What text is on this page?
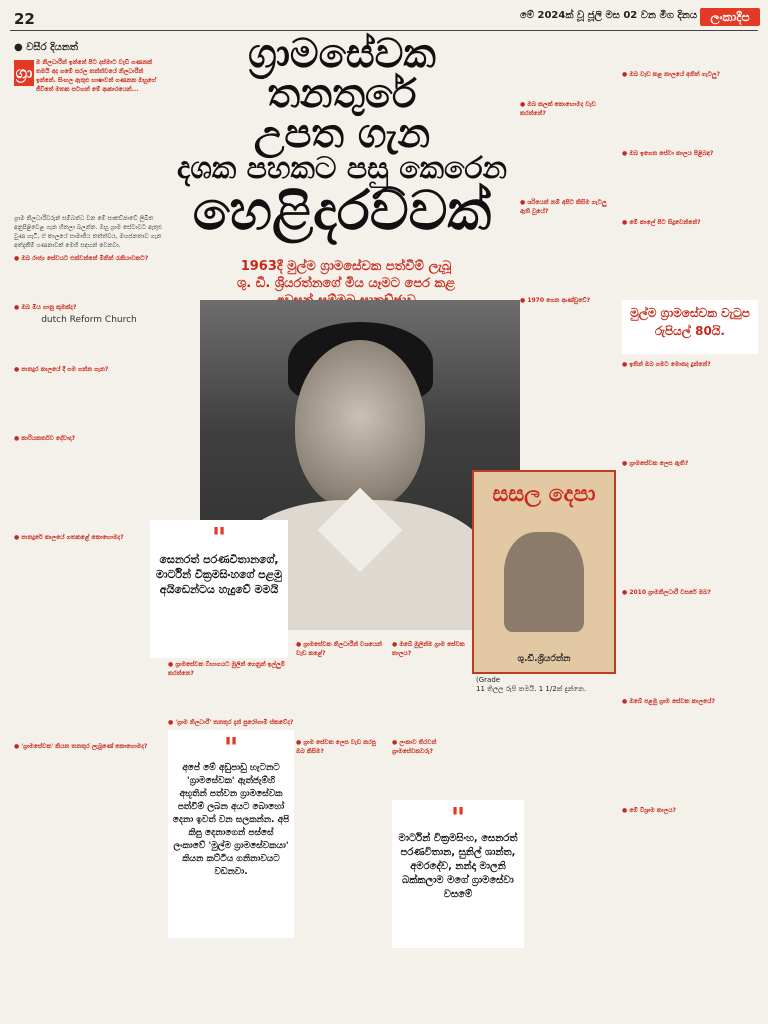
22
● වසීර දියනත්
මේ 2024ක් වූ ජූලි මස 02 වන මීග දිනය	ලංකාදීප
ග්‍රා
ම නිලධාරීන් ඉන්නේ පිට දස්මාට වැඩි ගණනක් තමයි අද ගමේ සරල තත්ත්වයේ නිලධාරීන් ඉන්නේ. සිංහල ඇතුළු භාෂාවන් ගණනක ඔහුගේ ජීවිතේ මතක සටහන් මේ ආකාරයෙන්...
ග්‍රාමසේවක තනතුරේ
උපත ගැන
දශක පහකට පසු කෙරෙන
හෙළිදරව්වක්
1963දී මුල්ම ග්‍රාමසේවක පත්වීම් ලැබූ
ශු. ඩී. ශ්‍රියරත්නගේ මිය යෑමට පෙර කළ

ග්‍රාම නිලධාරීවරුන් සම්බන්ධ වන මේ සාකච්ඡාවේ ලිඛිත අනුපිළිවෙළ ගැන හිතලා බලන්න. ඔහු ග්‍රාම සේවාවට ඇතුළු වුණ හැටි, ඒ කාලයේ සාමාජීය තත්ත්වය, මහජනතාව ගැන අත්දැකීම් ගණනාවක් මෙහි සඳහන් වෙනවා.

● ඔබ රාජ්‍ය සේවයට එක්වන්නේ මිනින් රැකියාවකට?

● ඔබ මිය ගානු කුමක්ද?

dutch Reform Church

● පානදුර කාලයේ දී ගම ගන්න ගැන?

● කාරියකර්තව දේවාදා?

● පානදුරේ කාලයේ ගතකළේ කොහොමද?

● 'ග්‍රාමසේවක' කියන තනතුර ලැබුණේ කොහොමද?

"
සෙනරත් පරණවිතානගේ, මාර්ටින් වික්‍රමසිංහගේ පළමු අයිඩෙන්ටය හැදුවේ මමයි
සසල දෙපා
ශු.ඩී.ශ්‍රියරත්න
(Grade
11 තිලල රුපි තමයි. 1 1/2ක් දුන්නෙ.

● ග්‍රාමසේවක විභාගයට මුලින් ගෙනුන් ඉල්ලුම් කරන්නෙ?

● 'ග්‍රාම නිලධාරී' තනතුර දැන් පුරෝගාමී ස්කවේද?

"
අපේ මේ අඩුපාඩු හැටනට 'ග්‍රාමසේවක' ඇත්ජැම්හි අභූතින් පත්වන ග්‍රාමසේවක පත්වීම් ලබන අයට බොහෝ දෙනා ඉවත් වන සලකන්න. අපි කිපු දෙනාගෙන් පස්සේ ලංකාවේ 'මුල්ම ග්‍රාමසේවකයා' කියන කට්ටිය ගනිනාවයට වඩනවා.

● ග්‍රාමසේවක නිලධාරීන් වශයෙන් වැඩ කළේ?

● ග්‍රාම සේවක ලෙස වැඩ කරපු ඔබ කිසිම?

● ඔබේ මුලින්ම ග්‍රාම සේවක කාලය?

● ලංකාව තිරවන් ග්‍රාමසේවකවරු?

"
මාර්ටින් වික්‍රමසිංහ, සෙනරත් පරණවිතාන, සුනිල් ශාන්ත, අමරදේව, නන්දා මාලනි බක්කලාම මගේ ග්‍රාමසේවා වසමේ

● ඔබ කලක් කොහොමද වැඩ කරන්නේ?

● ශරියෙන් නම් අපිට කිසිම ගැටලු ඇති වූයේ?

● 1970 ගෙන ආණ්ඩුවේ?

● ඔබ වැඩ කළ කාලයේ අනිත් ගැටලු?

● ඔබ ඉගෙන සේවා කාලය පිළිබඳ?

● මේ කාලේ පිට සිදුවෙන්නේ?

මුල්ම ග්‍රාමසේවක වැටුප රුපියල් 80යි.

● ඉතින් ඔබ ගමට මොකද දුන්නේ?

● ග්‍රාමසේවක ලෙස ඇති?

● 2010 ග්‍රාමනිලධාරී වසරේ ඔබ?

● ඔබේ පළමු ග්‍රාම සේවක කාලයේ?

● මේ විශ්‍රාම කාලය?
